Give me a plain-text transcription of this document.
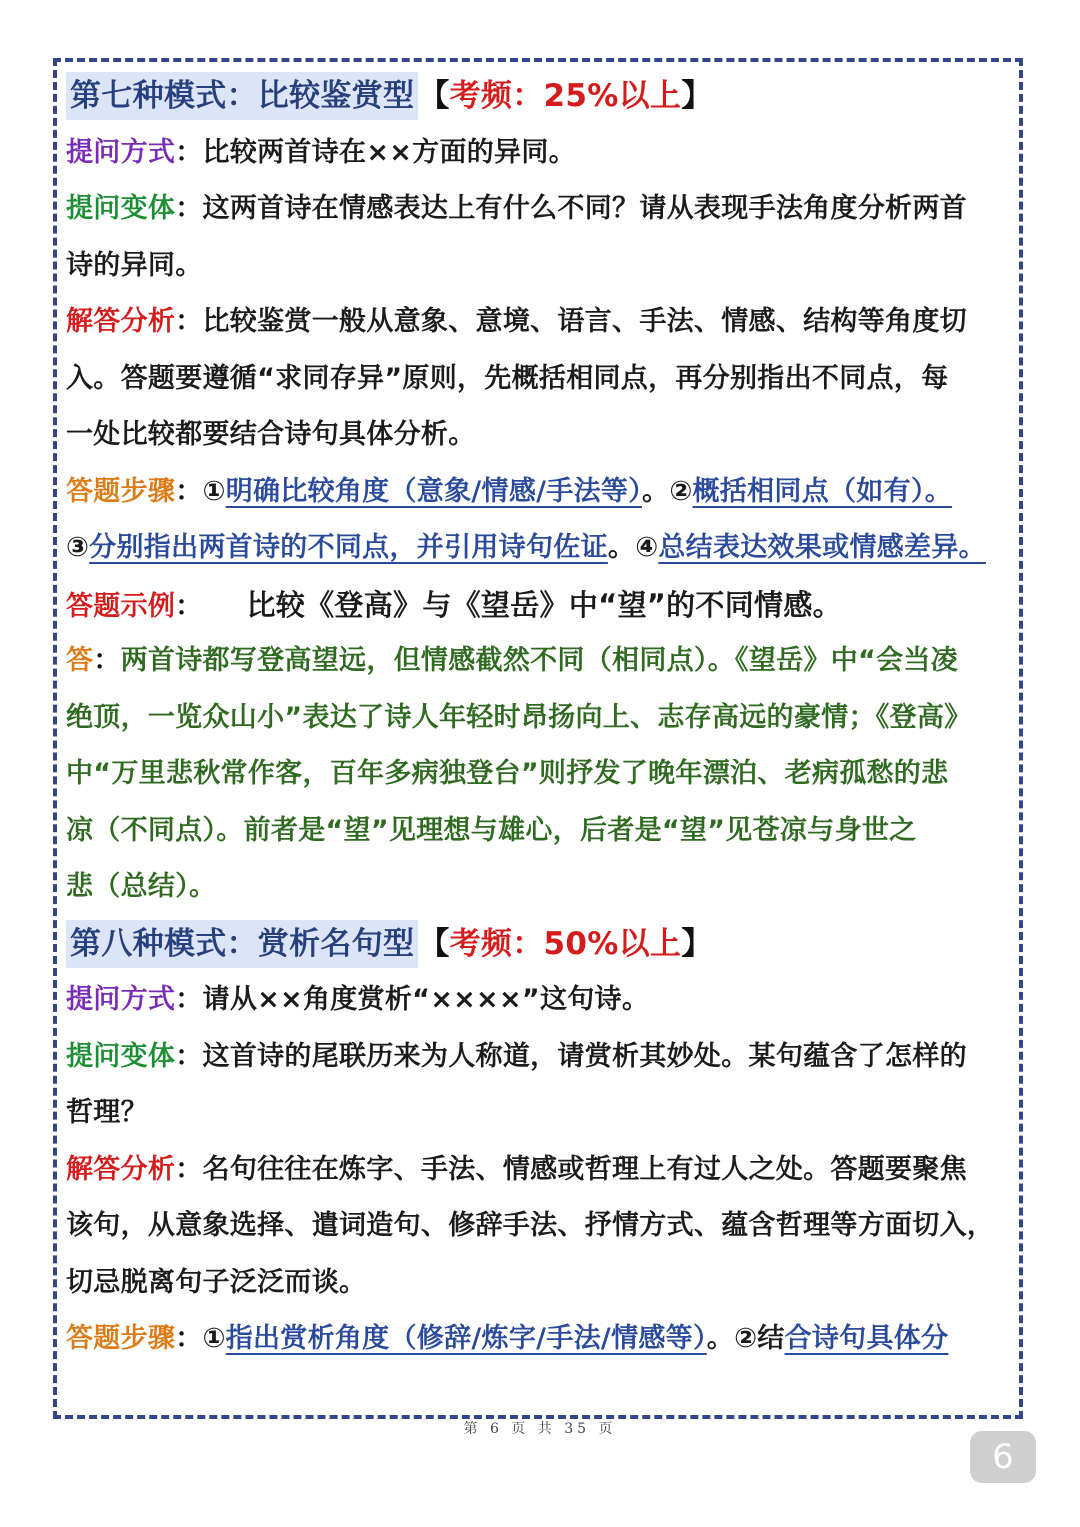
第七种模式：比较鉴赏型 【考频：25%以上】
提问方式：比较两首诗在××方面的异同。
提问变体：这两首诗在情感表达上有什么不同？请从表现手法角度分析两首
诗的异同。
解答分析：比较鉴赏一般从意象、意境、语言、手法、情感、结构等角度切
入。答题要遵循“求同存异”原则，先概括相同点，再分别指出不同点，每
一处比较都要结合诗句具体分析。
答题步骤：①明确比较角度（意象/情感/手法等）。②概括相同点（如有）。
③分别指出两首诗的不同点，并引用诗句佐证。④总结表达效果或情感差异。
答题示例： 比较《登高》与《望岳》中“望”的不同情感。
答：两首诗都写登高望远，但情感截然不同（相同点）。《望岳》中“会当凌
绝顶，一览众山小”表达了诗人年轻时昂扬向上、志存高远的豪情；《登高》
中“万里悲秋常作客，百年多病独登台”则抒发了晚年漂泊、老病孤愁的悲
凉（不同点）。前者是“望”见理想与雄心，后者是“望”见苍凉与身世之
悲（总结）。
第八种模式：赏析名句型 【考频：50%以上】
提问方式：请从××角度赏析“××××”这句诗。
提问变体：这首诗的尾联历来为人称道，请赏析其妙处。某句蕴含了怎样的
哲理？
解答分析：名句往往在炼字、手法、情感或哲理上有过人之处。答题要聚焦
该句，从意象选择、遣词造句、修辞手法、抒情方式、蕴含哲理等方面切入，
切忌脱离句子泛泛而谈。
答题步骤：①指出赏析角度（修辞/炼字/手法/情感等）。②结合诗句具体分
第 6 页 共 35 页
6
